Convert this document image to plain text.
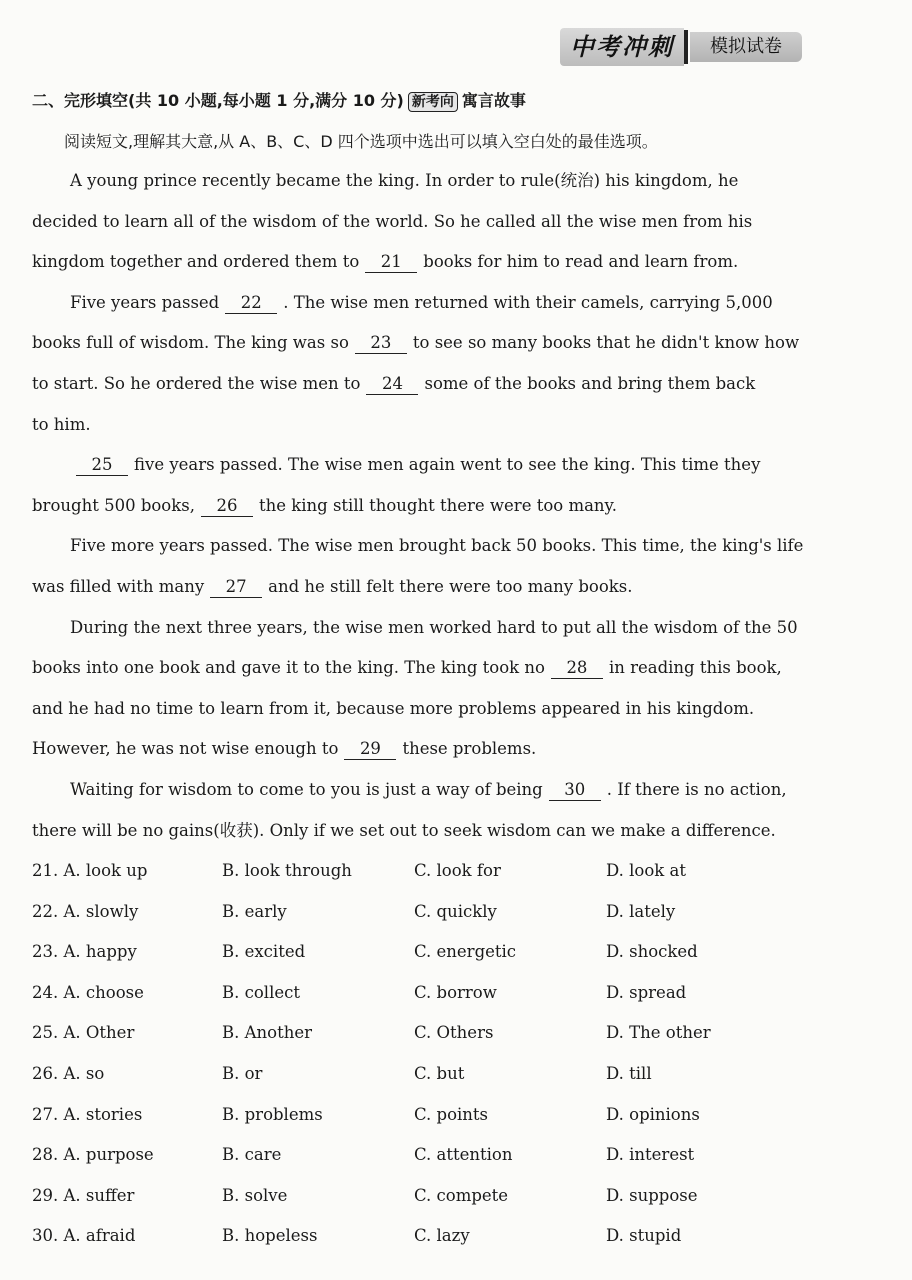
中考冲刺	模拟试卷
二、完形填空(共 10 小题,每小题 1 分,满分 10 分) 新考向 寓言故事
阅读短文,理解其大意,从 A、B、C、D 四个选项中选出可以填入空白处的最佳选项。
A young prince recently became the king. In order to rule(统治) his kingdom, he
decided to learn all of the wisdom of the world. So he called all the wise men from his
kingdom together and ordered them to 21 books for him to read and learn from.
Five years passed 22 . The wise men returned with their camels, carrying 5,000
books full of wisdom. The king was so 23 to see so many books that he didn't know how
to start. So he ordered the wise men to 24 some of the books and bring them back
to him.
25 five years passed. The wise men again went to see the king. This time they
brought 500 books, 26 the king still thought there were too many.
Five more years passed. The wise men brought back 50 books. This time, the king's life
was filled with many 27 and he still felt there were too many books.
During the next three years, the wise men worked hard to put all the wisdom of the 50
books into one book and gave it to the king. The king took no 28 in reading this book,
and he had no time to learn from it, because more problems appeared in his kingdom.
However, he was not wise enough to 29 these problems.
Waiting for wisdom to come to you is just a way of being 30 . If there is no action,
there will be no gains(收获). Only if we set out to seek wisdom can we make a difference.
21. A. look up	B. look through	C. look for	D. look at
22. A. slowly	B. early	C. quickly	D. lately
23. A. happy	B. excited	C. energetic	D. shocked
24. A. choose	B. collect	C. borrow	D. spread
25. A. Other	B. Another	C. Others	D. The other
26. A. so	B. or	C. but	D. till
27. A. stories	B. problems	C. points	D. opinions
28. A. purpose	B. care	C. attention	D. interest
29. A. suffer	B. solve	C. compete	D. suppose
30. A. afraid	B. hopeless	C. lazy	D. stupid
